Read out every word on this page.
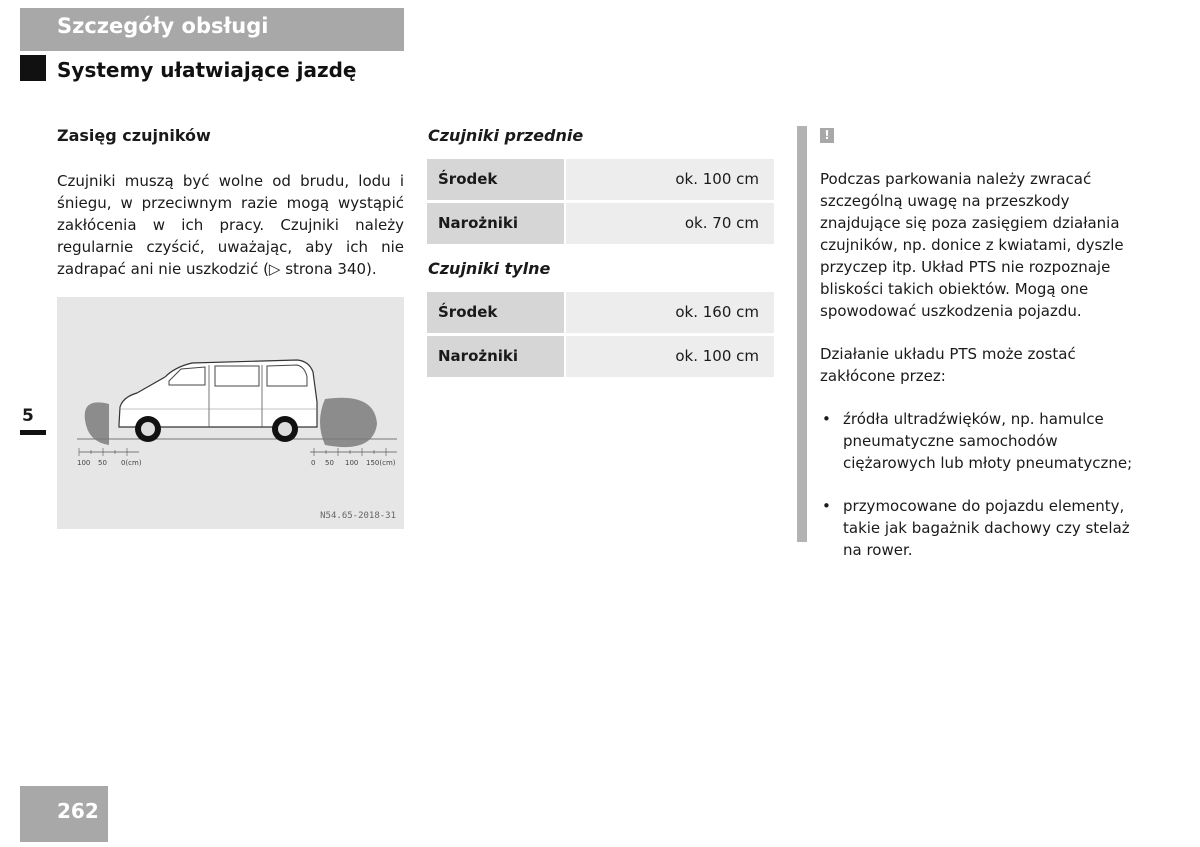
Szczegóły obsługi
Systemy ułatwiające jazdę
Zasięg czujników
Czujniki muszą być wolne od brudu, lodu i śniegu, w przeciwnym razie mogą wystąpić zakłócenia w ich pracy. Czujniki należy regularnie czyścić, uważając, aby ich nie zadrapać ani nie uszkodzić (▷ strona 340).
100 50 0(cm)	0 50 100 150(cm)
N54.65-2018-31
Czujniki przednie
Środek	ok. 100 cm
Narożniki	ok. 70 cm
Czujniki tylne
Środek	ok. 160 cm
Narożniki	ok. 100 cm
!

Podczas parkowania należy zwracać szczególną uwagę na przeszkody znajdujące się poza zasięgiem działania czujników, np. donice z kwiatami, dyszle przyczep itp. Układ PTS nie rozpoznaje bliskości takich obiektów. Mogą one spowodować uszkodzenia pojazdu.

Działanie układu PTS może zostać zakłócone przez:

• źródła ultradźwięków, np. hamulce pneumatyczne samochodów ciężarowych lub młoty pneumatyczne;
• przymocowane do pojazdu elementy, takie jak bagażnik dachowy czy stelaż na rower.
5
262
